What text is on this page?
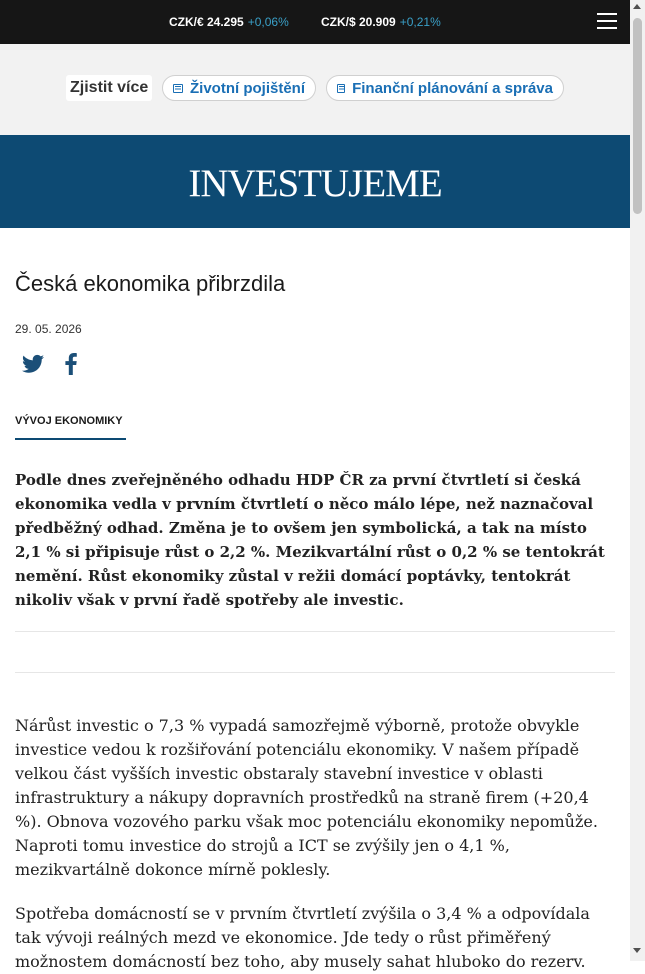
CZK/€ 24.295 +0,06%	CZK/$ 20.909 +0,21%
Zjistit více	Životní pojištění	Finanční plánování a správa
INVESTUJEME
Česká ekonomika přibrzdila
29. 05. 2026
VÝVOJ EKONOMIKY

Podle dnes zveřejněného odhadu HDP ČR za první čtvrtletí si česká ekonomika vedla v prvním čtvrtletí o něco málo lépe, než naznačoval předběžný odhad. Změna je to ovšem jen symbolická, a tak na místo 2,1 % si připisuje růst o 2,2 %. Mezikvartální růst o 0,2 % se tentokrát nemění. Růst ekonomiky zůstal v režii domácí poptávky, tentokrát nikoliv však v první řadě spotřeby ale investic.

Nárůst investic o 7,3 % vypadá samozřejmě výborně, protože obvykle investice vedou k rozšiřování potenciálu ekonomiky. V našem případě velkou část vyšších investic obstaraly stavební investice v oblasti infrastruktury a nákupy dopravních prostředků na straně firem (+20,4 %). Obnova vozového parku však moc potenciálu ekonomiky nepomůže. Naproti tomu investice do strojů a ICT se zvýšily jen o 4,1 %, mezikvartálně dokonce mírně poklesly.

Spotřeba domácností se v prvním čtvrtletí zvýšila o 3,4 % a odpovídala tak vývoji reálných mezd ve ekonomice. Jde tedy o růst přiměřený možnostem domácností bez toho, aby musely sahat hluboko do rezerv.
